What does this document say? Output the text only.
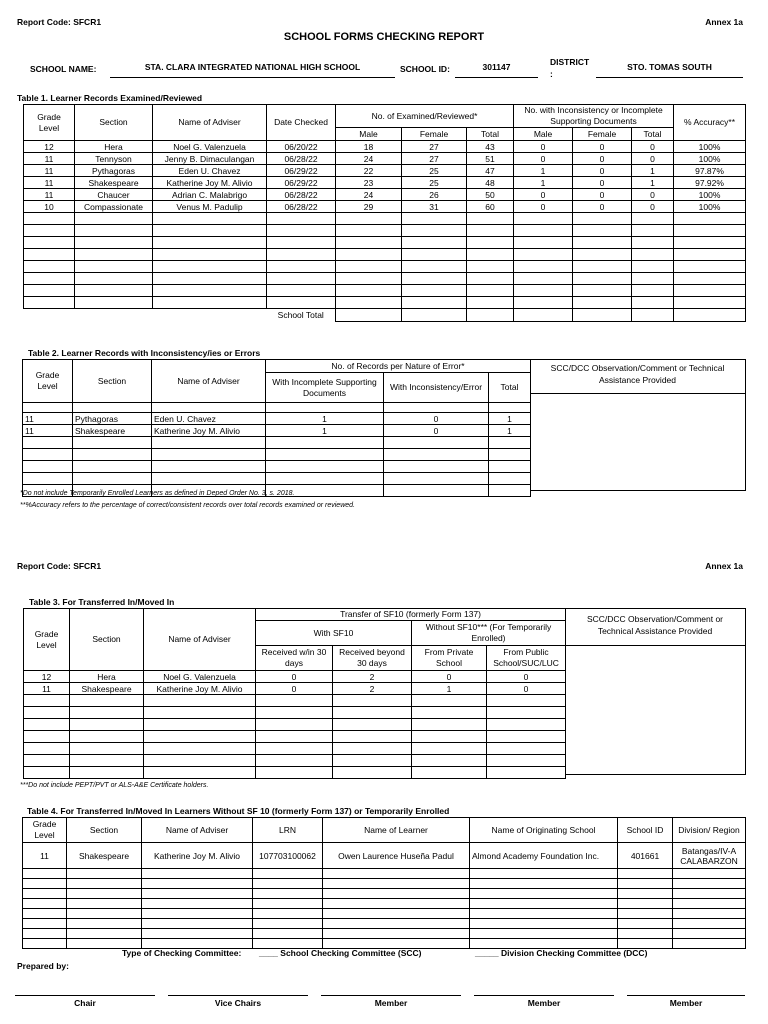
Report Code: SFCR1	Annex 1a
SCHOOL FORMS CHECKING REPORT
SCHOOL NAME:	STA. CLARA INTEGRATED NATIONAL HIGH SCHOOL	SCHOOL ID:	301147	DISTRICT
:
STO. TOMAS SOUTH
Table 1. Learner Records Examined/Reviewed
Grade Level	Section	Name of Adviser	Date Checked	No. of Examined/Reviewed*			No. with Inconsistency or Incomplete Supporting Documents			% Accuracy**
				Male	Female	Total	Male	Female	Total	
12	Hera	Noel G. Valenzuela	06/20/22	18	27	43	0	0	0	100%
11	Tennyson	Jenny B. Dimaculangan	06/28/22	24	27	51	0	0	0	100%
11	Pythagoras	Eden U. Chavez	06/29/22	22	25	47	1	0	1	97.87%
11	Shakespeare	Katherine Joy M. Alivio	06/29/22	23	25	48	1	0	1	97.92%
11	Chaucer	Adrian C. Malabrigo	06/28/22	24	26	50	0	0	0	100%
10	Compassionate	Venus M. Padulip	06/28/22	29	31	60	0	0	0	100%

			School Total							
Table 2. Learner Records with Inconsistency/ies or Errors
Grade Level	Section	Name of Adviser	No. of Records per Nature of Error*		
			With Incomplete Supporting Documents	With Inconsistency/Error	Total

11	Pythagoras	Eden U. Chavez	1	0	1
11	Shakespeare	Katherine Joy M. Alivio	1	0	1

SCC/DCC Observation/Comment or Technical Assistance Provided
*Do not include Temporarily Enrolled Learners as defined in Deped Order No. 3, s. 2018.
**%Accuracy refers to the percentage of correct/consistent records over total records examined or reviewed.
Report Code: SFCR1	Annex 1a
Table 3. For Transferred In/Moved In
Grade Level	Section	Name of Adviser	Transfer of SF10 (formerly Form 137)			
			With SF10		Without SF10*** (For Temporarily Enrolled)	
			Received w/in 30 days	Received beyond 30 days	From Private School	From Public School/SUC/LUC
12	Hera	Noel G. Valenzuela	0	2	0	0
11	Shakespeare	Katherine Joy M. Alivio	0	2	1	0

SCC/DCC Observation/Comment or Technical Assistance Provided
***Do not include PEPT/PVT or ALS-A&E Certificate holders.
Table 4. For Transferred In/Moved In Learners Without SF 10 (formerly Form 137) or Temporarily Enrolled
Grade Level	Section	Name of Adviser	LRN	Name of Learner	Name of Originating School	School ID	Division/ Region
11	Shakespeare	Katherine Joy M. Alivio	107703100062	Owen Laurence Huseña Padul	Almond Academy Foundation Inc.	401661	Batangas/IV-A CALABARZON

Type of Checking Committee: ____ School Checking Committee (SCC)	_____ Division Checking Committee (DCC)
Prepared by:
Chair	Vice Chairs	Member	Member	Member
